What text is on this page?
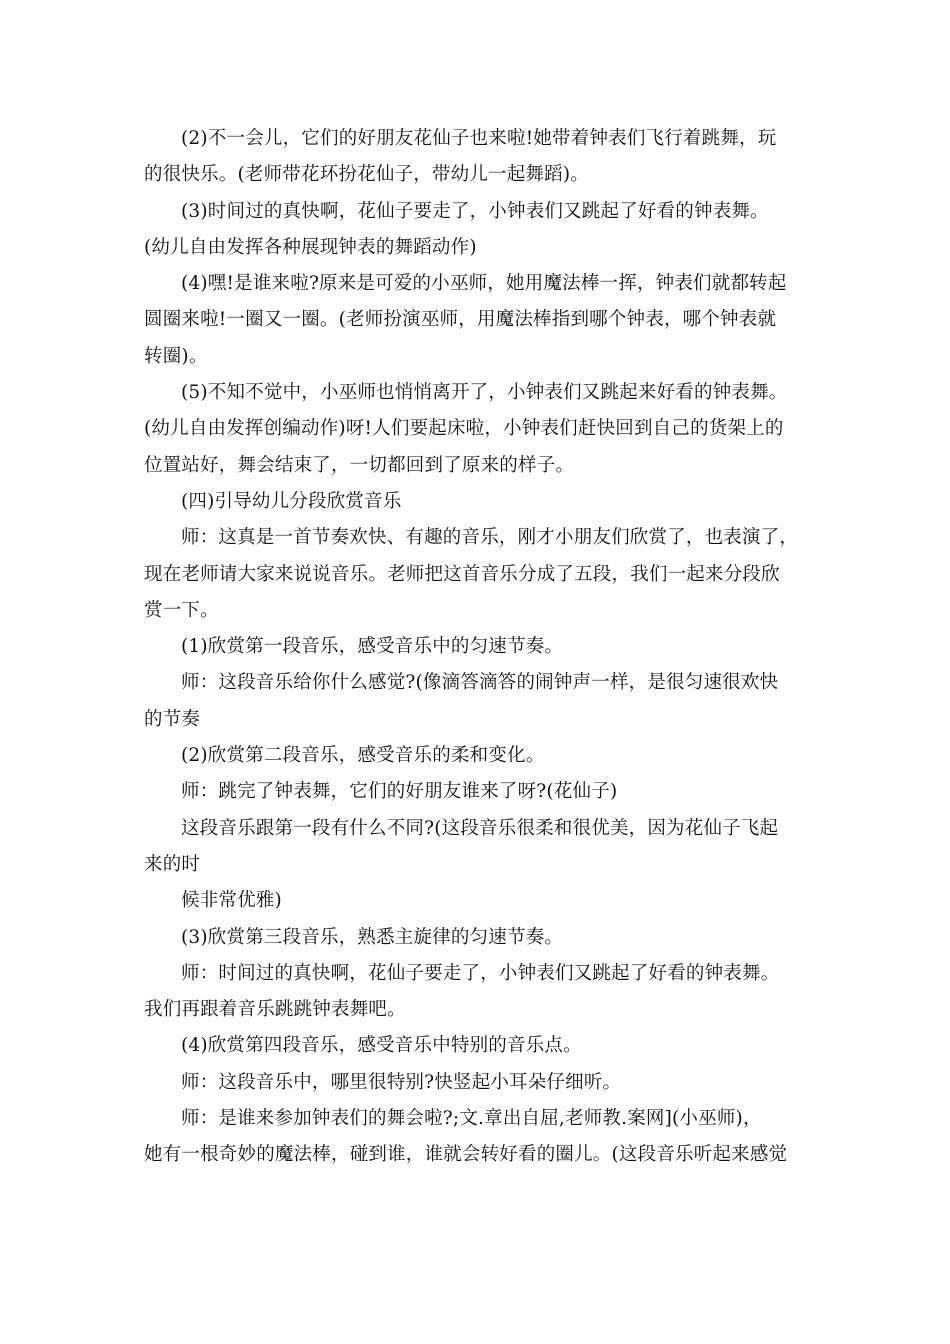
(2)不一会儿，它们的好朋友花仙子也来啦!她带着钟表们飞行着跳舞，玩
的很快乐。(老师带花环扮花仙子，带幼儿一起舞蹈)。
(3)时间过的真快啊，花仙子要走了，小钟表们又跳起了好看的钟表舞。
(幼儿自由发挥各种展现钟表的舞蹈动作)
(4)嘿!是谁来啦?原来是可爱的小巫师，她用魔法棒一挥，钟表们就都转起
圆圈来啦!一圈又一圈。(老师扮演巫师，用魔法棒指到哪个钟表，哪个钟表就
转圈)。
(5)不知不觉中，小巫师也悄悄离开了，小钟表们又跳起来好看的钟表舞。
(幼儿自由发挥创编动作)呀!人们要起床啦，小钟表们赶快回到自己的货架上的
位置站好，舞会结束了，一切都回到了原来的样子。
(四)引导幼儿分段欣赏音乐
师：这真是一首节奏欢快、有趣的音乐，刚才小朋友们欣赏了，也表演了，
现在老师请大家来说说音乐。老师把这首音乐分成了五段，我们一起来分段欣
赏一下。
(1)欣赏第一段音乐，感受音乐中的匀速节奏。
师：这段音乐给你什么感觉?(像滴答滴答的闹钟声一样，是很匀速很欢快
的节奏
(2)欣赏第二段音乐，感受音乐的柔和变化。
师：跳完了钟表舞，它们的好朋友谁来了呀?(花仙子)
这段音乐跟第一段有什么不同?(这段音乐很柔和很优美，因为花仙子飞起
来的时
候非常优雅)
(3)欣赏第三段音乐，熟悉主旋律的匀速节奏。
师：时间过的真快啊，花仙子要走了，小钟表们又跳起了好看的钟表舞。
我们再跟着音乐跳跳钟表舞吧。
(4)欣赏第四段音乐，感受音乐中特别的音乐点。
师：这段音乐中，哪里很特别?快竖起小耳朵仔细听。
师：是谁来参加钟表们的舞会啦?;文.章出自屈,老师教.案网](小巫师)，
她有一根奇妙的魔法棒，碰到谁，谁就会转好看的圈儿。(这段音乐听起来感觉
